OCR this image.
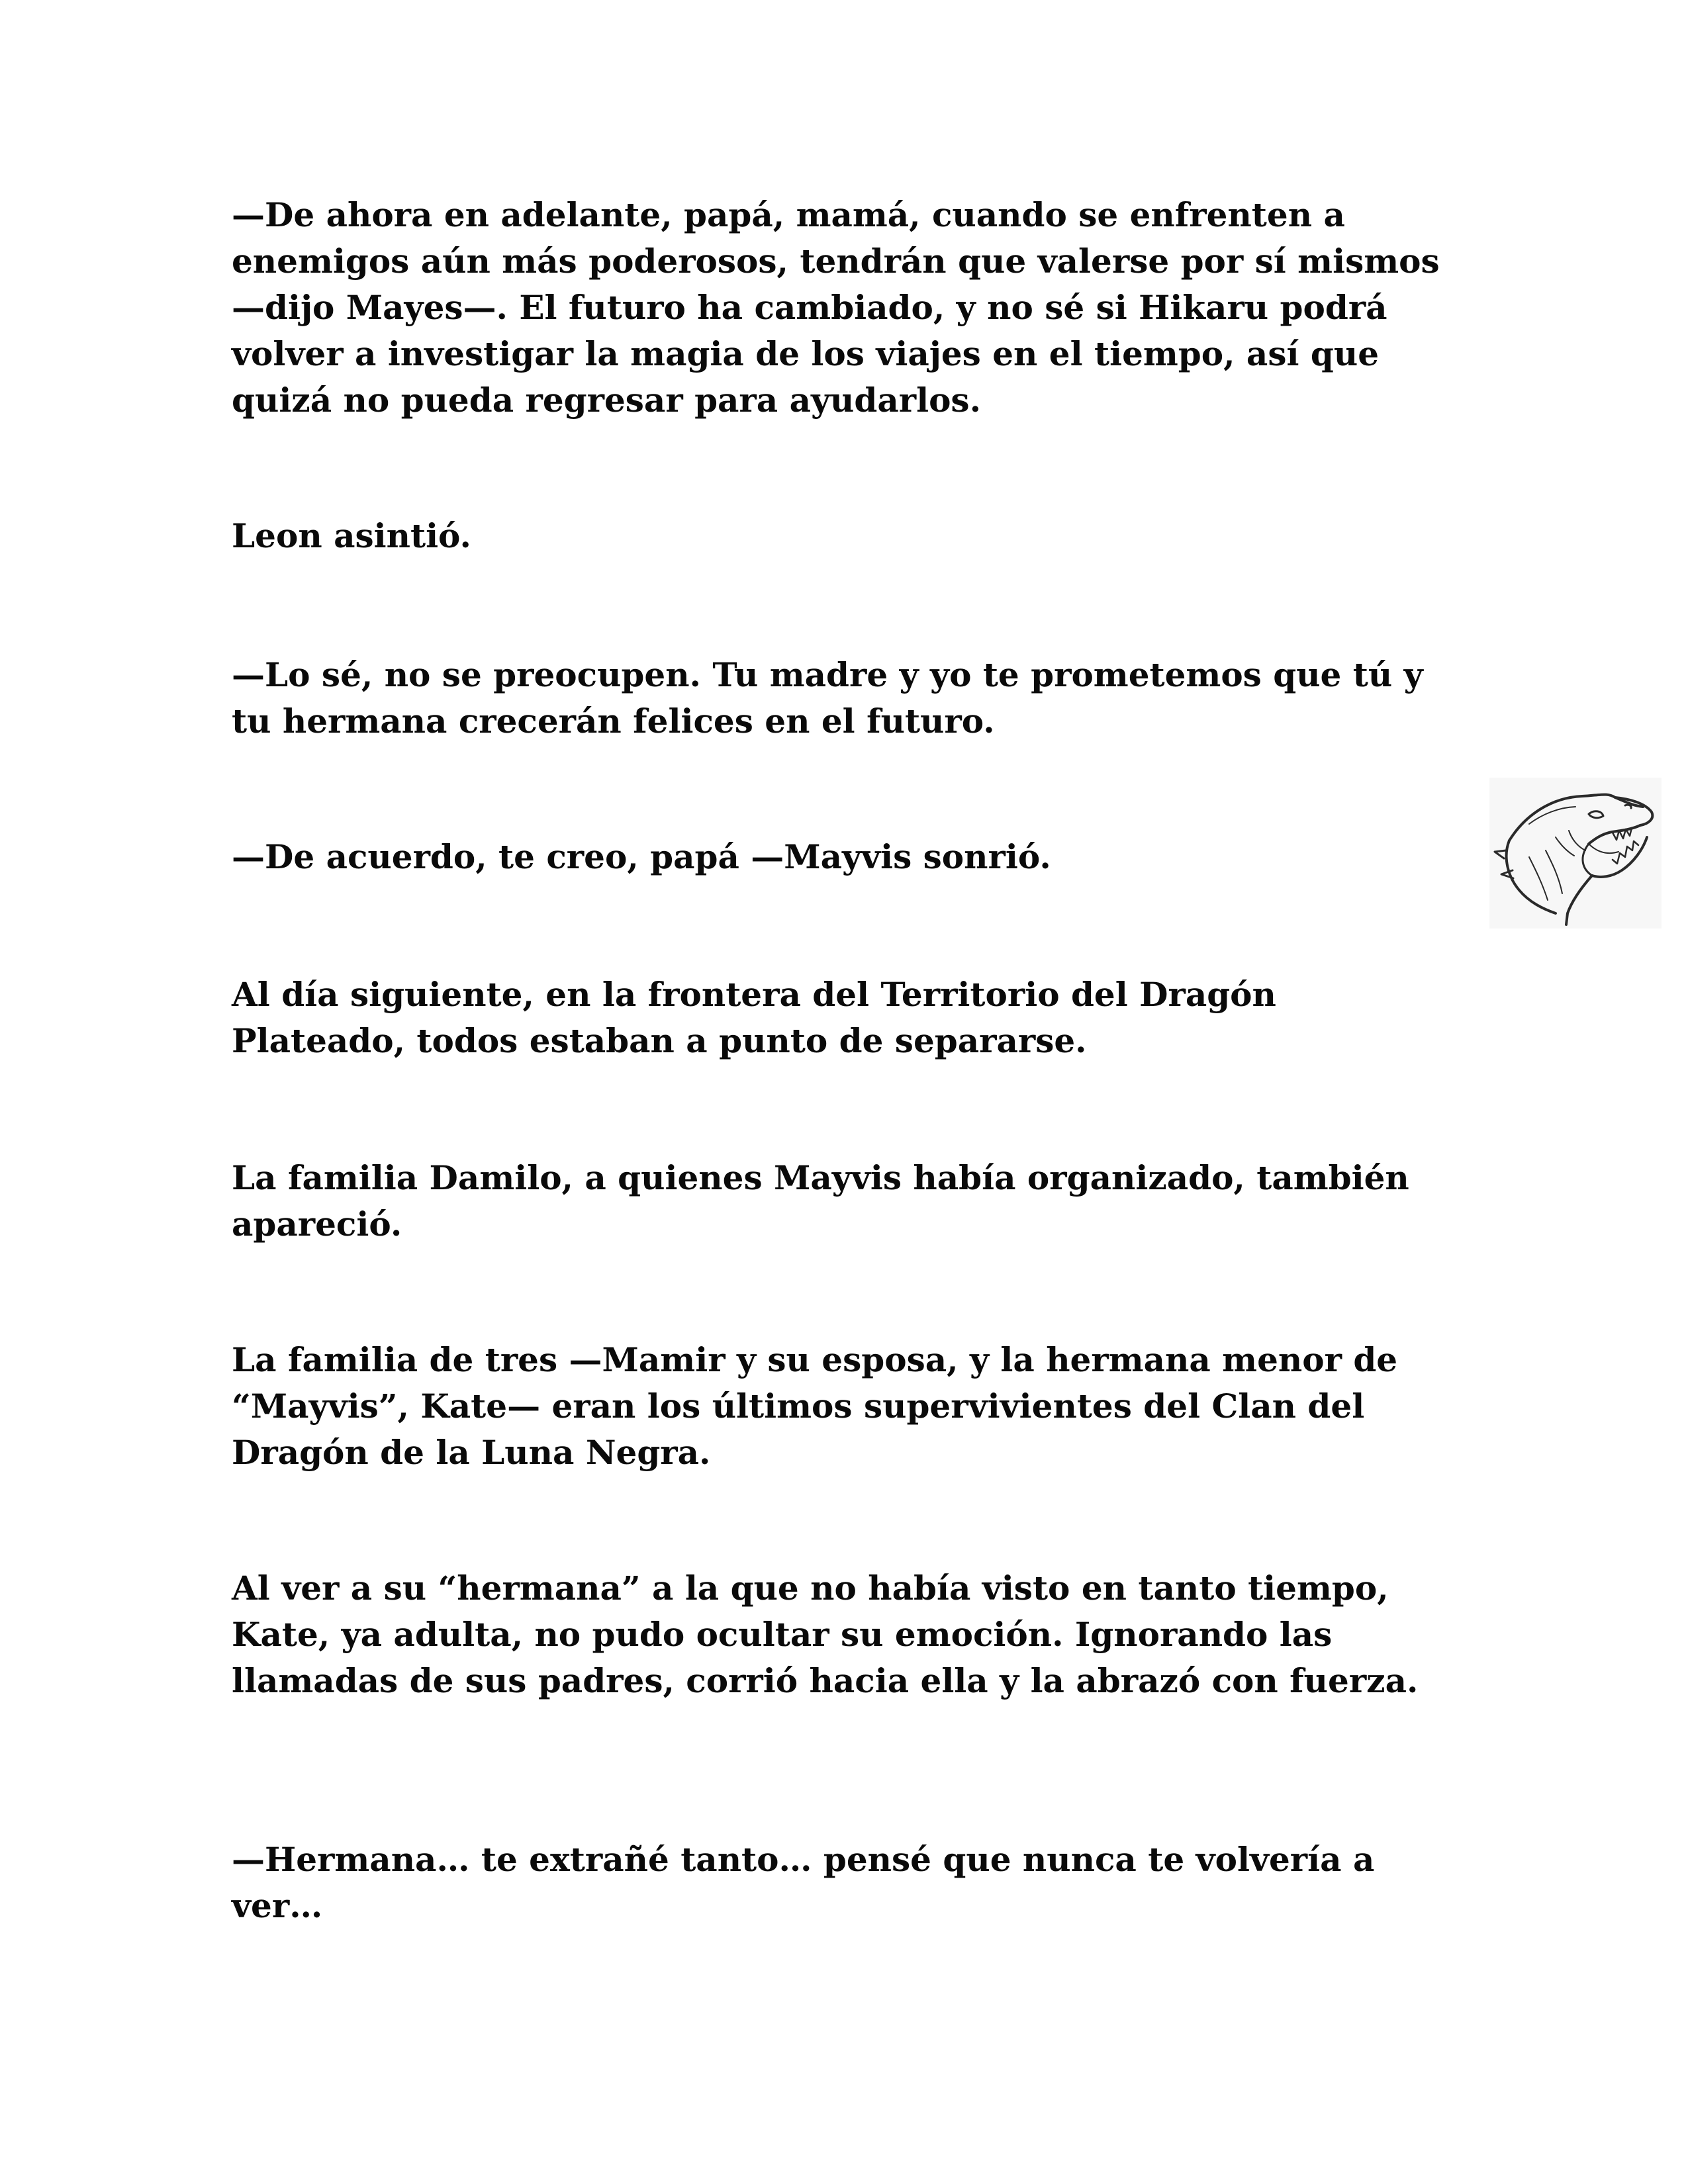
—De ahora en adelante, papá, mamá, cuando se enfrenten a enemigos aún más poderosos, tendrán que valerse por sí mismos —dijo Mayes—. El futuro ha cambiado, y no sé si Hikaru podrá volver a investigar la magia de los viajes en el tiempo, así que quizá no pueda regresar para ayudarlos.

Leon asintió.

—Lo sé, no se preocupen. Tu madre y yo te prometemos que tú y tu hermana crecerán felices en el futuro.

—De acuerdo, te creo, papá —Mayvis sonrió.

Al día siguiente, en la frontera del Territorio del Dragón Plateado, todos estaban a punto de separarse.

La familia Damilo, a quienes Mayvis había organizado, también apareció.

La familia de tres —Mamir y su esposa, y la hermana menor de “Mayvis”, Kate— eran los últimos supervivientes del Clan del Dragón de la Luna Negra.

Al ver a su “hermana” a la que no había visto en tanto tiempo, Kate, ya adulta, no pudo ocultar su emoción. Ignorando las llamadas de sus padres, corrió hacia ella y la abrazó con fuerza.

—Hermana… te extrañé tanto… pensé que nunca te volvería a ver…
